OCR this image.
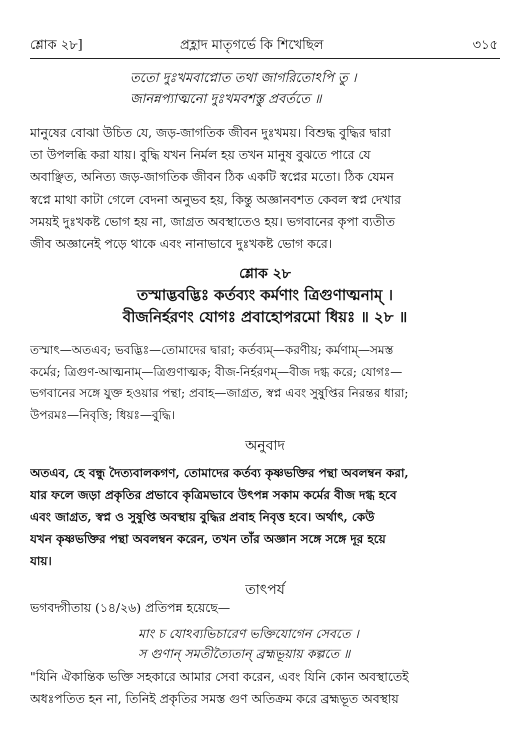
শ্লোক ২৮]	প্রহ্লাদ মাতৃগর্ভে কি শিখেছিল	৩১৫

ততো দুঃখমবাপ্নোত তথা জাগরিতোঽপি তু ।

জানন্নপ্যাত্মনো দুঃখমবশস্তু প্রবর্ততে ॥

মানুষের বোঝা উচিত যে, জড়-জাগতিক জীবন দুঃখময়। বিশুদ্ধ বুদ্ধির দ্বারা

তা উপলব্ধি করা যায়। বুদ্ধি যখন নির্মল হয় তখন মানুষ বুঝতে পারে যে

অবাঞ্ছিত, অনিত্য জড়-জাগতিক জীবন ঠিক একটি স্বপ্নের মতো। ঠিক যেমন

স্বপ্নে মাথা কাটা গেলে বেদনা অনুভব হয়, কিন্তু অজ্ঞানবশত কেবল স্বপ্ন দেখার

সময়ই দুঃখকষ্ট ভোগ হয় না, জাগ্রত অবস্থাতেও হয়। ভগবানের কৃপা ব্যতীত

জীব অজ্ঞানেই পড়ে থাকে এবং নানাভাবে দুঃখকষ্ট ভোগ করে।

শ্লোক ২৮

তস্মাদ্ভবদ্ভিঃ কর্তব্যং কর্মণাং ত্রিগুণাত্মনাম্ ।

বীজনির্হরণং যোগঃ প্রবাহোপরমো ধিয়ঃ ॥ ২৮ ॥

তস্মাৎ—অতএব; ভবদ্ভিঃ—তোমাদের দ্বারা; কর্তব্যম্—করণীয়; কর্মণাম্—সমস্ত

কর্মের; ত্রিগুণ-আত্মনাম্—ত্রিগুণাত্মক; বীজ-নির্হরণম্—বীজ দগ্ধ করে; যোগঃ—

ভগবানের সঙ্গে যুক্ত হওয়ার পন্থা; প্রবাহ—জাগ্রত, স্বপ্ন এবং সুষুপ্তির নিরন্তর ধারা;

উপরমঃ—নিবৃত্তি; ধিয়ঃ—বুদ্ধি।

অনুবাদ

অতএব, হে বন্ধু দৈত্যবালকগণ, তোমাদের কর্তব্য কৃষ্ণভক্তির পন্থা অবলম্বন করা,

যার ফলে জড়া প্রকৃতির প্রভাবে কৃত্রিমভাবে উৎপন্ন সকাম কর্মের বীজ দগ্ধ হবে

এবং জাগ্রত, স্বপ্ন ও সুষুপ্তি অবস্থায় বুদ্ধির প্রবাহ নিবৃত্ত হবে। অর্থাৎ, কেউ

যখন কৃষ্ণভক্তির পন্থা অবলম্বন করেন, তখন তাঁর অজ্ঞান সঙ্গে সঙ্গে দূর হয়ে

যায়।

তাৎপর্য
ভগবদ্গীতায় (১৪/২৬) প্রতিপন্ন হয়েছে—

মাং চ যোঽব্যভিচারেণ ভক্তিযোগেন সেবতে ।

স গুণান্ সমতীত্যৈতান্ ব্রহ্মভূয়ায় কল্পতে ॥

"যিনি ঐকান্তিক ভক্তি সহকারে আমার সেবা করেন, এবং যিনি কোন অবস্থাতেই

অধঃপতিত হন না, তিনিই প্রকৃতির সমস্ত গুণ অতিক্রম করে ব্রহ্মভূত অবস্থায়
